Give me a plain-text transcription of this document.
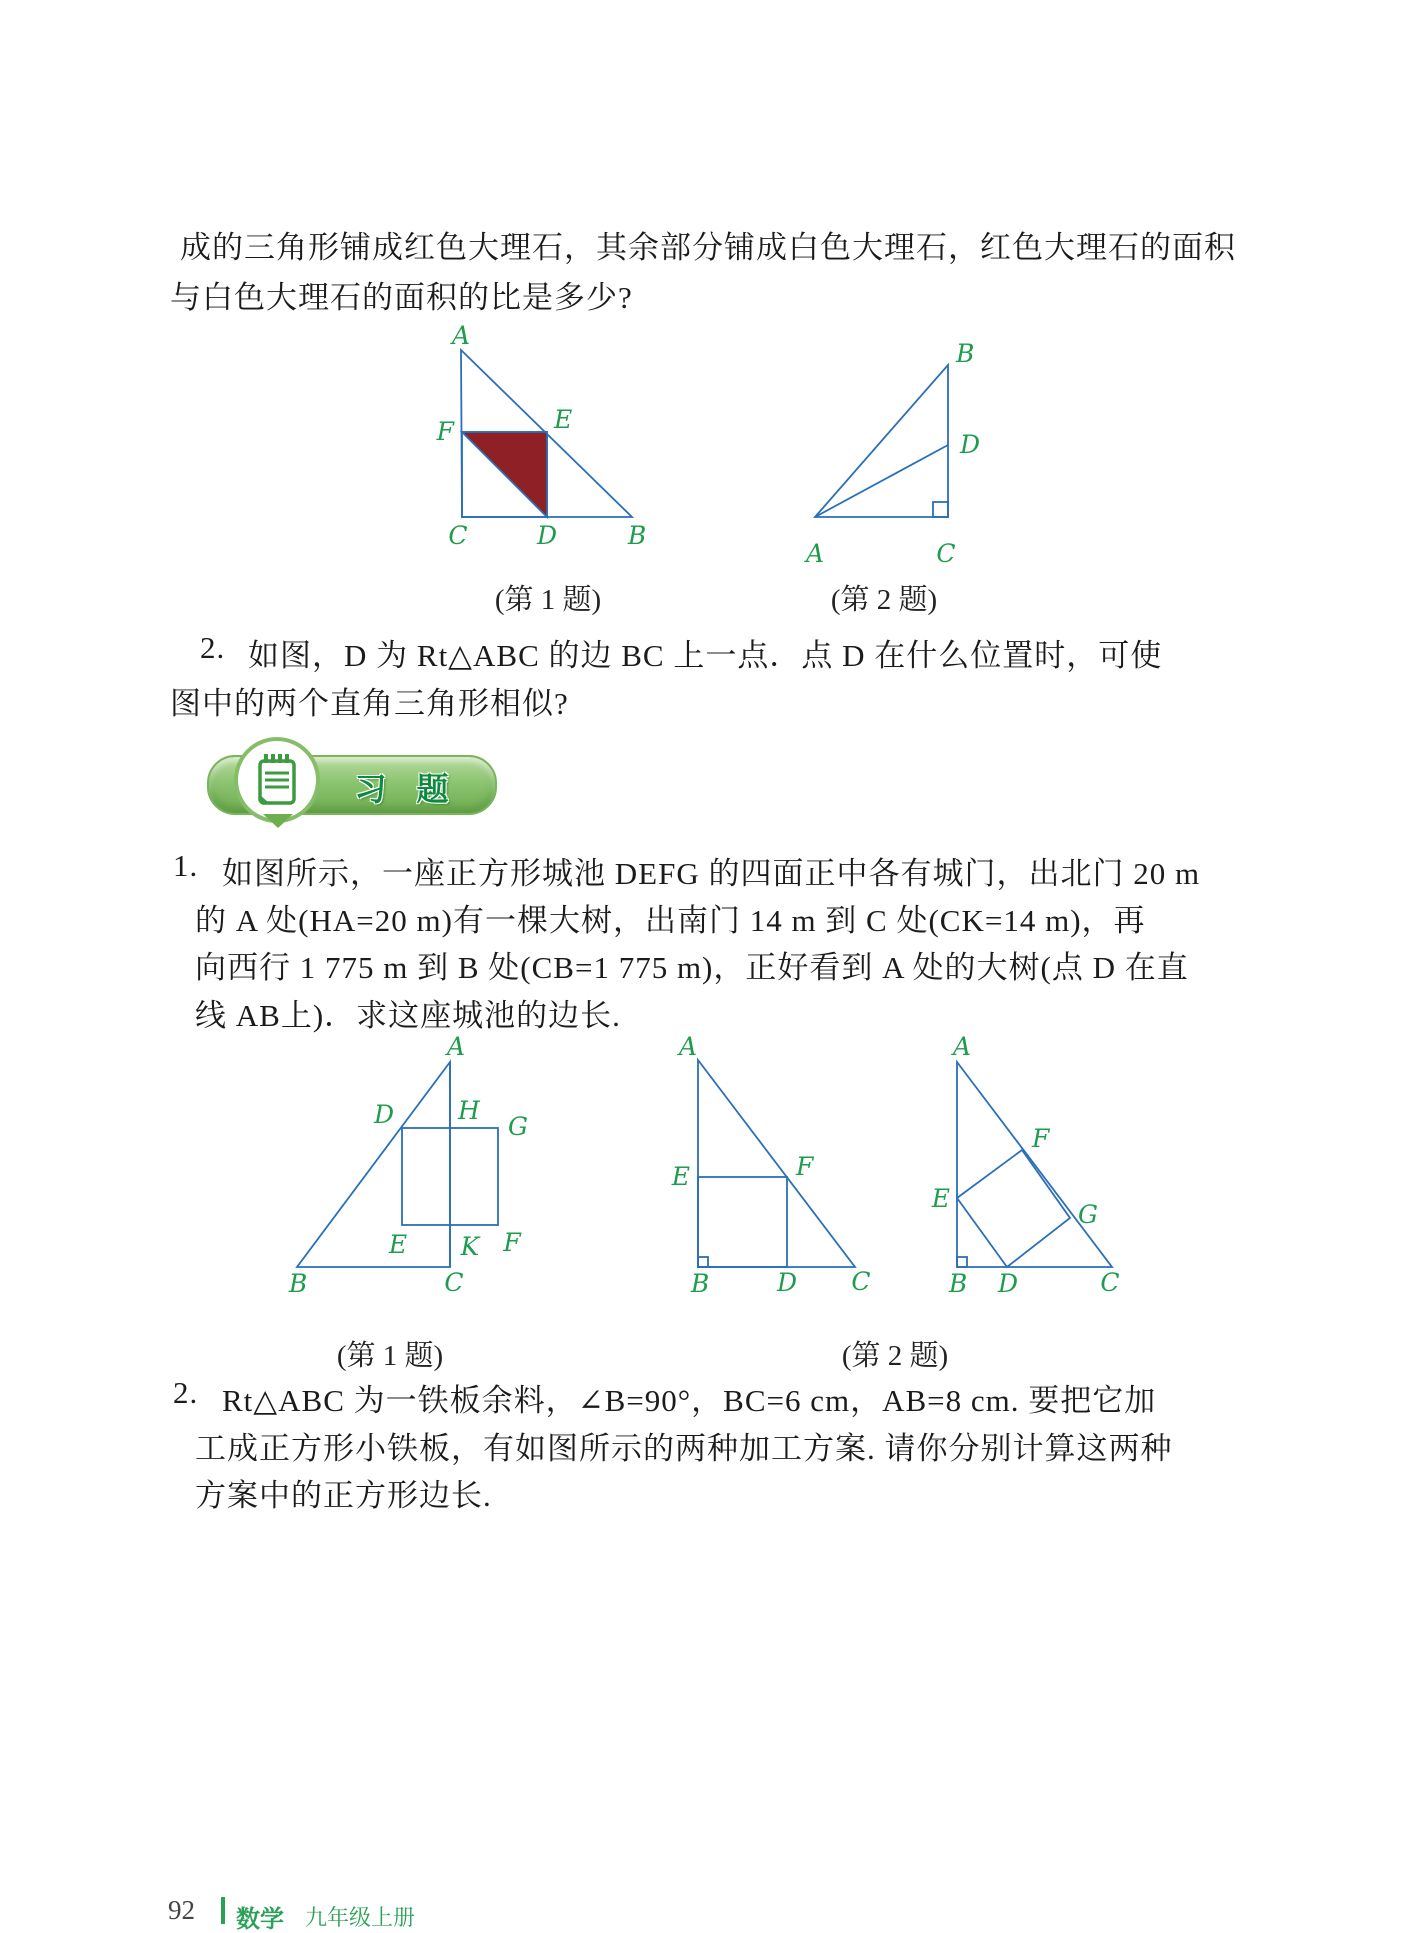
成的三角形铺成红色大理石，其余部分铺成白色大理石，红色大理石的面积
与白色大理石的面积的比是多少?
A
F	E
C	D	B
(第 1 题)
B
D
A	C
(第 2 题)
2. 如图，D 为 Rt△ABC 的边 BC 上一点．点 D 在什么位置时，可使
图中的两个直角三角形相似?
习题
1. 如图所示，一座正方形城池 DEFG 的四面正中各有城门，出北门 20 m
的 A 处(HA=20 m)有一棵大树，出南门 14 m 到 C 处(CK=14 m)，再
向西行 1 775 m 到 B 处(CB=1 775 m)，正好看到 A 处的大树(点 D 在直
线 AB上)．求这座城池的边长.
A
D	H
G
E K F
B	C
A
E	F
B	D C
A
F
E
G
B D	C
(第 1 题)	(第 2 题)
2. Rt△ABC 为一铁板余料，∠B=90°，BC=6 cm，AB=8 cm. 要把它加
工成正方形小铁板，有如图所示的两种加工方案. 请你分别计算这两种
方案中的正方形边长.
92 数学 九年级上册
